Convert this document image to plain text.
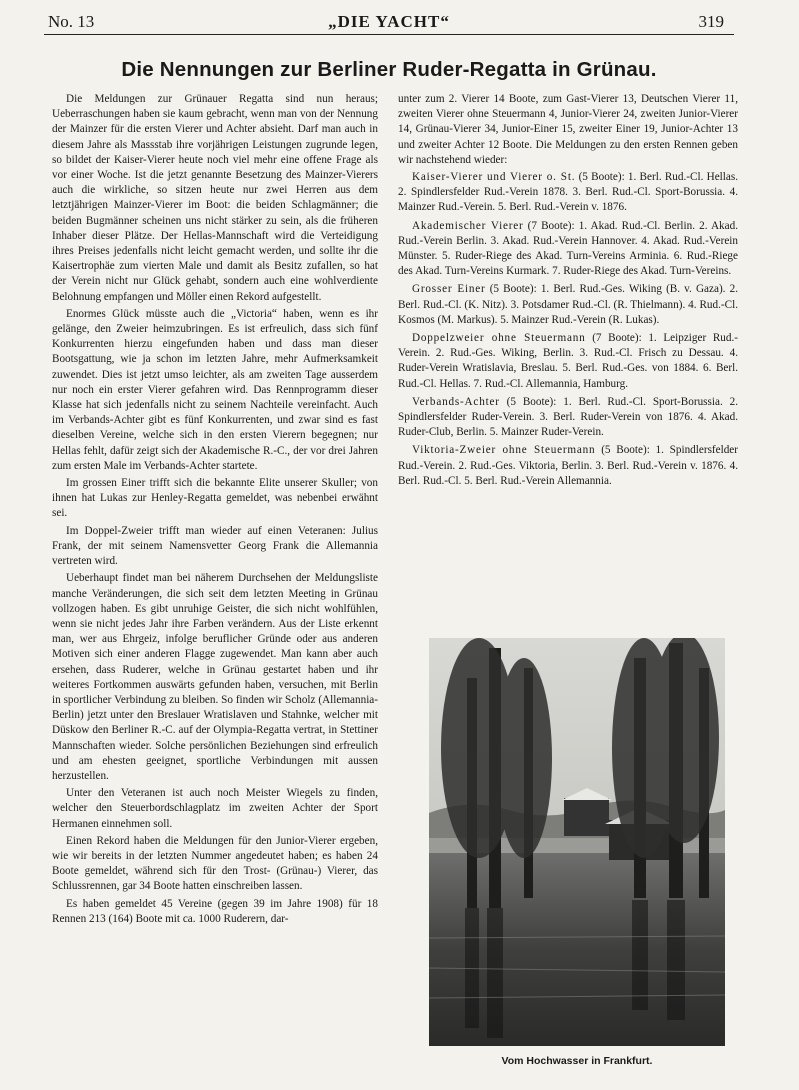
No. 13	„DIE YACHT“	319
Die Nennungen zur Berliner Ruder-Regatta in Grünau.

Die Meldungen zur Grünauer Regatta sind nun heraus; Ueberraschungen haben sie kaum gebracht, wenn man von der Nennung der Mainzer für die ersten Vierer und Achter absieht. Darf man auch in diesem Jahre als Massstab ihre vorjährigen Leistungen zugrunde legen, so bildet der Kaiser-Vierer heute noch viel mehr eine offene Frage als vor einer Woche. Ist die jetzt genannte Besetzung des Mainzer-Vierers auch die wirkliche, so sitzen heute nur zwei Herren aus dem letztjährigen Mainzer-Vierer im Boot: die beiden Schlagmänner; die beiden Bugmänner scheinen uns nicht stärker zu sein, als die früheren Inhaber dieser Plätze. Der Hellas-Mannschaft wird die Verteidigung ihres Preises jedenfalls nicht leicht gemacht werden, und sollte ihr die Kaisertrophäe zum vierten Male und damit als Besitz zufallen, so hat der Verein nicht nur Glück gehabt, sondern auch eine wohlverdiente Belohnung empfangen und Möller einen Rekord aufgestellt.

Enormes Glück müsste auch die „Victoria“ haben, wenn es ihr gelänge, den Zweier heimzubringen. Es ist erfreulich, dass sich fünf Konkurrenten hierzu eingefunden haben und dass man dieser Bootsgattung, wie ja schon im letzten Jahre, mehr Aufmerksamkeit zuwendet. Dies ist jetzt umso leichter, als am zweiten Tage ausserdem nur noch ein erster Vierer gefahren wird. Das Rennprogramm dieser Klasse hat sich jedenfalls nicht zu seinem Nachteile vereinfacht. Auch im Verbands-Achter gibt es fünf Konkurrenten, und zwar sind es fast dieselben Vereine, welche sich in den ersten Vierern begegnen; nur Hellas fehlt, dafür zeigt sich der Akademische R.-C., der vor drei Jahren zum ersten Male im Verbands-Achter startete.

Im grossen Einer trifft sich die bekannte Elite unserer Skuller; von ihnen hat Lukas zur Henley-Regatta gemeldet, was nebenbei erwähnt sei.

Im Doppel-Zweier trifft man wieder auf einen Veteranen: Julius Frank, der mit seinem Namensvetter Georg Frank die Allemannia vertreten wird.

Ueberhaupt findet man bei näherem Durchsehen der Meldungsliste manche Veränderungen, die sich seit dem letzten Meeting in Grünau vollzogen haben. Es gibt unruhige Geister, die sich nicht wohlfühlen, wenn sie nicht jedes Jahr ihre Farben verändern. Aus der Liste erkennt man, wer aus Ehrgeiz, infolge beruflicher Gründe oder aus anderen Motiven sich einer anderen Flagge zugewendet. Man kann aber auch ersehen, dass Ruderer, welche in Grünau gestartet haben und ihr weiteres Fortkommen auswärts gefunden haben, versuchen, mit Berlin in sportlicher Verbindung zu bleiben. So finden wir Scholz (Allemannia-Berlin) jetzt unter den Breslauer Wratislaven und Stahnke, welcher mit Düskow den Berliner R.-C. auf der Olympia-Regatta vertrat, in Stettiner Mannschaften wieder. Solche persönlichen Beziehungen sind erfreulich und am ehesten geeignet, sportliche Verbindungen mit aussen herzustellen.

Unter den Veteranen ist auch noch Meister Wiegels zu finden, welcher den Steuerbordschlagplatz im zweiten Achter der Sport Hermanen einnehmen soll.

Einen Rekord haben die Meldungen für den Junior-Vierer ergeben, wie wir bereits in der letzten Nummer angedeutet haben; es haben 24 Boote gemeldet, während sich für den Trost- (Grünau-) Vierer, das Schlussrennen, gar 34 Boote hatten einschreiben lassen.

Es haben gemeldet 45 Vereine (gegen 39 im Jahre 1908) für 18 Rennen 213 (164) Boote mit ca. 1000 Ruderern, dar-

unter zum 2. Vierer 14 Boote, zum Gast-Vierer 13, Deutschen Vierer 11, zweiten Vierer ohne Steuermann 4, Junior-Vierer 24, zweiten Junior-Vierer 14, Grünau-Vierer 34, Junior-Einer 15, zweiter Einer 19, Junior-Achter 13 und zweiter Achter 12 Boote. Die Meldungen zu den ersten Rennen geben wir nachstehend wieder:

Kaiser-Vierer und Vierer o. St. (5 Boote): 1. Berl. Rud.-Cl. Hellas. 2. Spindlersfelder Rud.-Verein 1878. 3. Berl. Rud.-Cl. Sport-Borussia. 4. Mainzer Rud.-Verein. 5. Berl. Rud.-Verein v. 1876.

Akademischer Vierer (7 Boote): 1. Akad. Rud.-Cl. Berlin. 2. Akad. Rud.-Verein Berlin. 3. Akad. Rud.-Verein Hannover. 4. Akad. Rud.-Verein Münster. 5. Ruder-Riege des Akad. Turn-Vereins Arminia. 6. Rud.-Riege des Akad. Turn-Vereins Kurmark. 7. Ruder-Riege des Akad. Turn-Vereins.

Grosser Einer (5 Boote): 1. Berl. Rud.-Ges. Wiking (B. v. Gaza). 2. Berl. Rud.-Cl. (K. Nitz). 3. Potsdamer Rud.-Cl. (R. Thielmann). 4. Rud.-Cl. Kosmos (M. Markus). 5. Mainzer Rud.-Verein (R. Lukas).

Doppelzweier ohne Steuermann (7 Boote): 1. Leipziger Rud.-Verein. 2. Rud.-Ges. Wiking, Berlin. 3. Rud.-Cl. Frisch zu Dessau. 4. Ruder-Verein Wratislavia, Breslau. 5. Berl. Rud.-Ges. von 1884. 6. Berl. Rud.-Cl. Hellas. 7. Rud.-Cl. Allemannia, Hamburg.

Verbands-Achter (5 Boote): 1. Berl. Rud.-Cl. Sport-Borussia. 2. Spindlersfelder Ruder-Verein. 3. Berl. Ruder-Verein von 1876. 4. Akad. Ruder-Club, Berlin. 5. Mainzer Ruder-Verein.

Viktoria-Zweier ohne Steuermann (5 Boote): 1. Spindlersfelder Rud.-Verein. 2. Rud.-Ges. Viktoria, Berlin. 3. Berl. Rud.-Verein v. 1876. 4. Berl. Rud.-Cl. 5. Berl. Rud.-Verein Allemannia.

Vom Hochwasser in Frankfurt.
